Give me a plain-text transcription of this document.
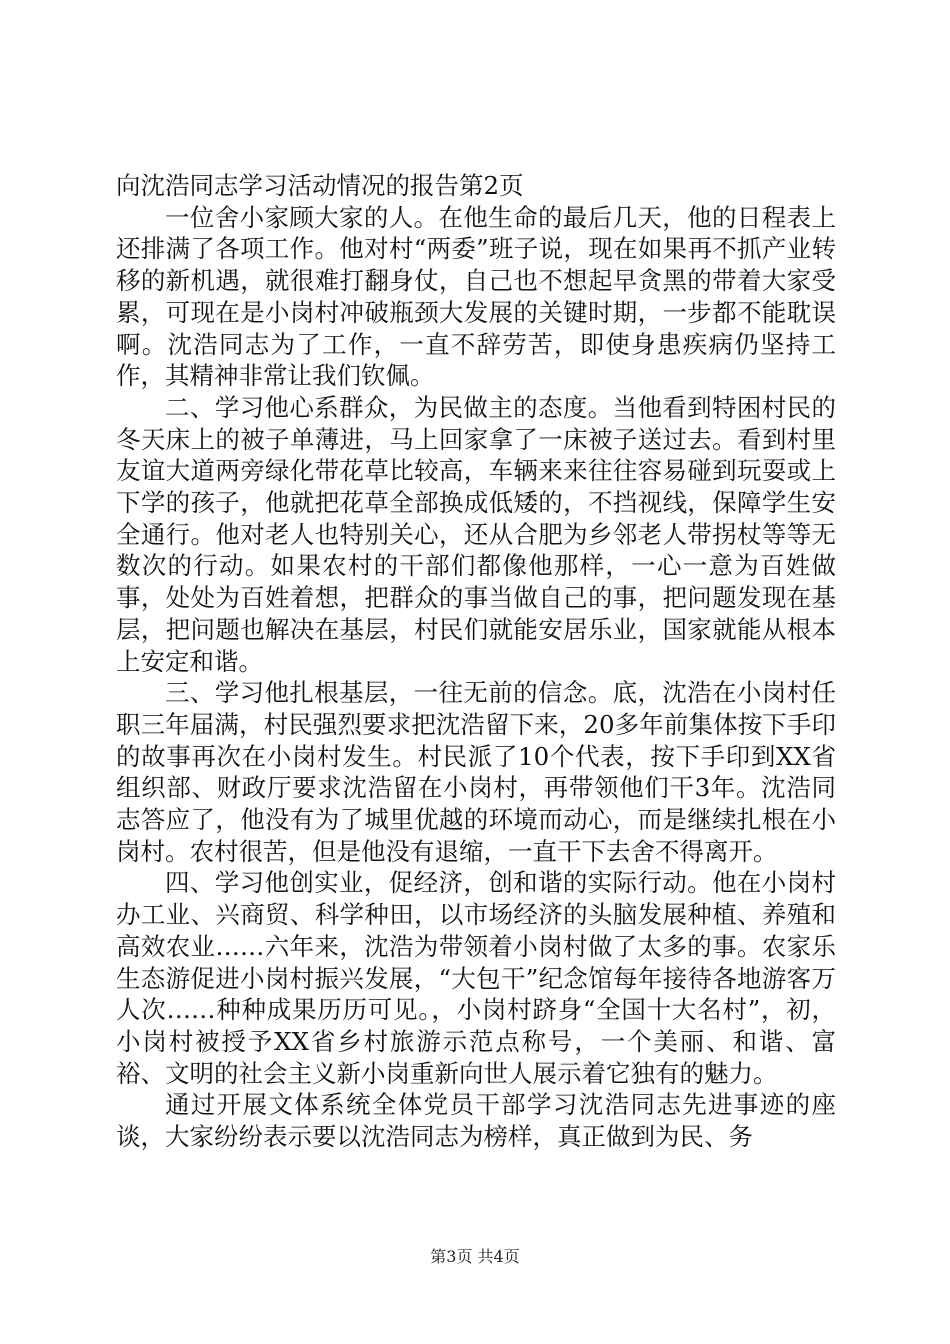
向沈浩同志学习活动情况的报告第2页

一位舍小家顾大家的人。在他生命的最后几天，他的日程表上还排满了各项工作。他对村“两委”班子说，现在如果再不抓产业转移的新机遇，就很难打翻身仗，自己也不想起早贪黑的带着大家受累，可现在是小岗村冲破瓶颈大发展的关键时期，一步都不能耽误啊。沈浩同志为了工作，一直不辞劳苦，即使身患疾病仍坚持工作，其精神非常让我们钦佩。

二、学习他心系群众，为民做主的态度。当他看到特困村民的冬天床上的被子单薄进，马上回家拿了一床被子送过去。看到村里友谊大道两旁绿化带花草比较高，车辆来来往往容易碰到玩耍或上下学的孩子，他就把花草全部换成低矮的，不挡视线，保障学生安全通行。他对老人也特别关心，还从合肥为乡邻老人带拐杖等等无数次的行动。如果农村的干部们都像他那样，一心一意为百姓做事，处处为百姓着想，把群众的事当做自己的事，把问题发现在基层，把问题也解决在基层，村民们就能安居乐业，国家就能从根本上安定和谐。

三、学习他扎根基层，一往无前的信念。底，沈浩在小岗村任职三年届满，村民强烈要求把沈浩留下来，20多年前集体按下手印的故事再次在小岗村发生。村民派了10个代表，按下手印到XX省组织部、财政厅要求沈浩留在小岗村，再带领他们干3年。沈浩同志答应了，他没有为了城里优越的环境而动心，而是继续扎根在小岗村。农村很苦，但是他没有退缩，一直干下去舍不得离开。

四、学习他创实业，促经济，创和谐的实际行动。他在小岗村办工业、兴商贸、科学种田，以市场经济的头脑发展种植、养殖和高效农业……六年来，沈浩为带领着小岗村做了太多的事。农家乐生态游促进小岗村振兴发展，“大包干”纪念馆每年接待各地游客万人次……种种成果历历可见。，小岗村跻身“全国十大名村”，初，小岗村被授予XX省乡村旅游示范点称号，一个美丽、和谐、富裕、文明的社会主义新小岗重新向世人展示着它独有的魅力。

通过开展文体系统全体党员干部学习沈浩同志先进事迹的座谈，大家纷纷表示要以沈浩同志为榜样，真正做到为民、务

第3页 共4页
